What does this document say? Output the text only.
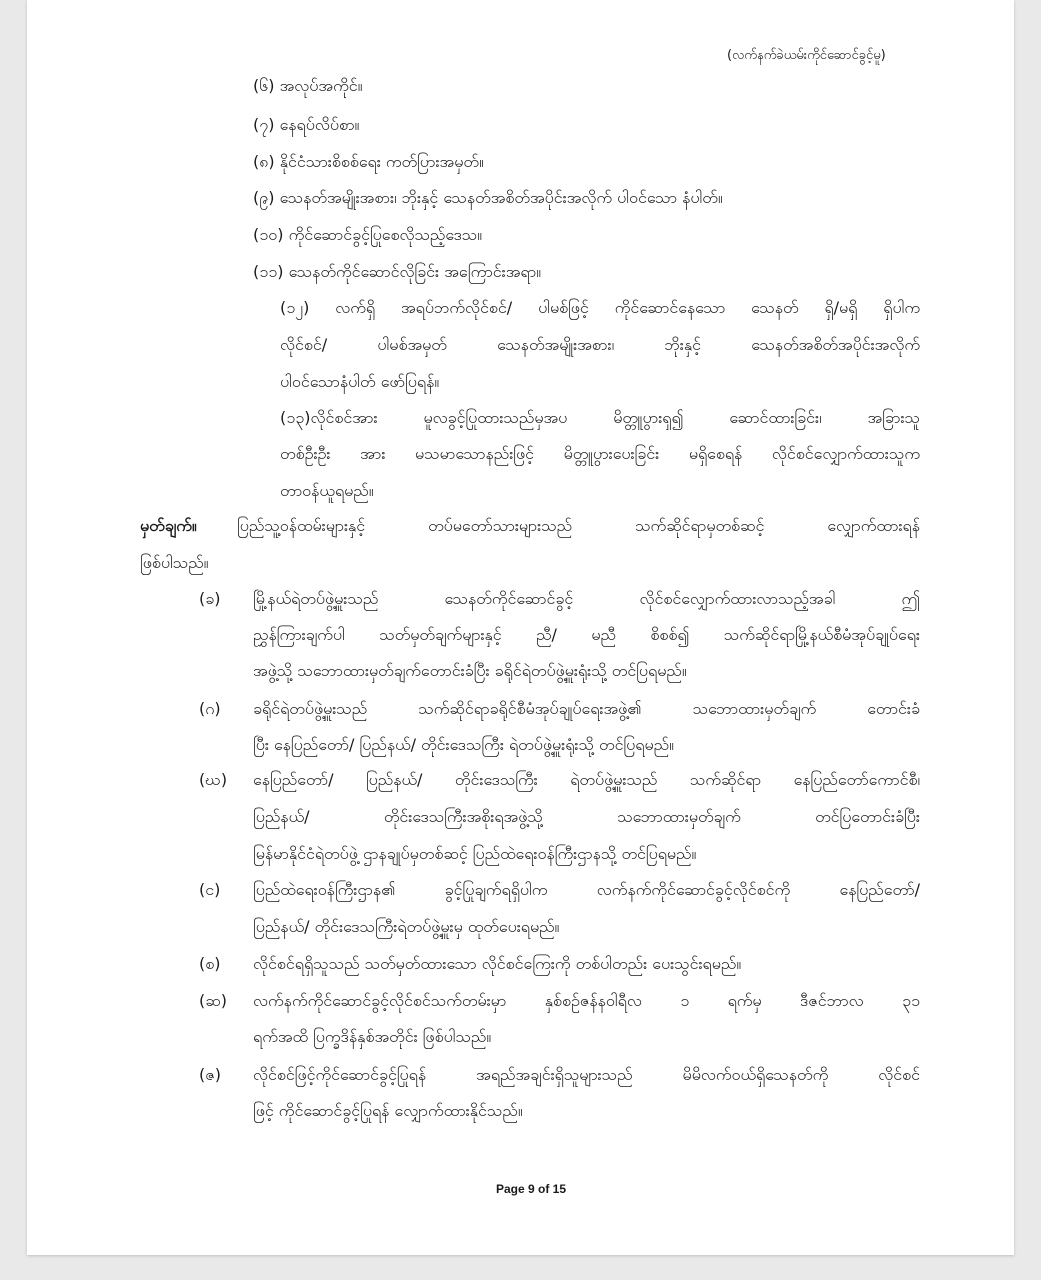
(လက်နက်ခဲယမ်းကိုင်ဆောင်ခွင့်မူ)
(၆) အလုပ်အကိုင်။
(၇) နေရပ်လိပ်စာ။
(၈) နိုင်ငံသားစိစစ်ရေး ကတ်ပြားအမှတ်။
(၉) သေနတ်အမျိုးအစား၊ ဘိုးနှင့် သေနတ်အစိတ်အပိုင်းအလိုက် ပါဝင်သော နံပါတ်။
(၁၀) ကိုင်ဆောင်ခွင့်ပြုစေလိုသည့်ဒေသ။
(၁၁) သေနတ်ကိုင်ဆောင်လိုခြင်း အကြောင်းအရာ။
(၁၂) လက်ရှိ အရပ်ဘက်လိုင်စင်/ ပါမစ်ဖြင့် ကိုင်ဆောင်နေသော သေနတ် ရှိ/မရှိ ရှိပါက
လိုင်စင်/ ပါမစ်အမှတ် သေနတ်အမျိုးအစား၊ ဘိုးနှင့် သေနတ်အစိတ်အပိုင်းအလိုက်
ပါဝင်သောနံပါတ် ဖော်ပြရန်။
(၁၃)လိုင်စင်အား မူလခွင့်ပြုထားသည်မှအပ မိတ္တူပွားၡ၍ ဆောင်ထားခြင်း၊ အခြားသူ
တစ်ဦးဦး အား မသမာသောနည်းဖြင့် မိတ္တူပွားပေးခြင်း မရှိစေရန် လိုင်စင်လျှောက်ထားသူက
တာဝန်ယူရမည်။
မှတ်ချက်။	ပြည်သူ့ဝန်ထမ်းများနှင့် တပ်မတော်သားများသည် သက်ဆိုင်ရာမှတစ်ဆင့် လျှောက်ထားရန်
ဖြစ်ပါသည်။
(ခ) မြို့နယ်ရဲတပ်ဖွဲ့မှူးသည် သေနတ်ကိုင်ဆောင်ခွင့် လိုင်စင်လျှောက်ထားလာသည့်အခါ ဤ
ညွှန်ကြားချက်ပါ သတ်မှတ်ချက်များနှင့် ညီ/ မညီ စိစစ်၍ သက်ဆိုင်ရာမြို့နယ်စီမံအုပ်ချုပ်ရေး
အဖွဲ့သို့ သဘောထားမှတ်ချက်တောင်းခံပြီး ခရိုင်ရဲတပ်ဖွဲ့မှူးရုံးသို့ တင်ပြရမည်။
(ဂ) ခရိုင်ရဲတပ်ဖွဲ့မှူးသည် သက်ဆိုင်ရာခရိုင်စီမံအုပ်ချုပ်ရေးအဖွဲ့၏ သဘောထားမှတ်ချက် တောင်းခံ
ပြီး နေပြည်တော်/ ပြည်နယ်/ တိုင်းဒေသကြီး ရဲတပ်ဖွဲ့မှူးရုံးသို့ တင်ပြရမည်။
(ဃ) နေပြည်တော်/ ပြည်နယ်/ တိုင်းဒေသကြီး ရဲတပ်ဖွဲ့မှူးသည် သက်ဆိုင်ရာ နေပြည်တော်ကောင်စီ၊
ပြည်နယ်/ တိုင်းဒေသကြီးအစိုးရအဖွဲ့သို့ သဘောထားမှတ်ချက် တင်ပြတောင်းခံပြီး
မြန်မာနိုင်ငံရဲတပ်ဖွဲ့ ဌာနချုပ်မှတစ်ဆင့် ပြည်ထဲရေးဝန်ကြီးဌာနသို့ တင်ပြရမည်။
(င) ပြည်ထဲရေးဝန်ကြီးဌာန၏ ခွင့်ပြုချက်ရရှိပါက လက်နက်ကိုင်ဆောင်ခွင့်လိုင်စင်ကို နေပြည်တော်/
ပြည်နယ်/ တိုင်းဒေသကြီးရဲတပ်ဖွဲ့မှူးမှ ထုတ်ပေးရမည်။
(စ) လိုင်စင်ရရှိသူသည် သတ်မှတ်ထားသော လိုင်စင်ကြေးကို တစ်ပါတည်း ပေးသွင်းရမည်။
(ဆ) လက်နက်ကိုင်ဆောင်ခွင့်လိုင်စင်သက်တမ်းမှာ နှစ်စဉ်ဇန်နဝါရီလ ၁ ရက်မှ ဒီဇင်ဘာလ ၃၁
ရက်အထိ ပြက္ခဒိန်နှစ်အတိုင်း ဖြစ်ပါသည်။
(ဇ) လိုင်စင်ဖြင့်ကိုင်ဆောင်ခွင့်ပြုရန် အရည်အချင်းရှိသူများသည် မိမိလက်ဝယ်ရှိသေနတ်ကို လိုင်စင်
ဖြင့် ကိုင်ဆောင်ခွင့်ပြုရန် လျှောက်ထားနိုင်သည်။
Page 9 of 15
